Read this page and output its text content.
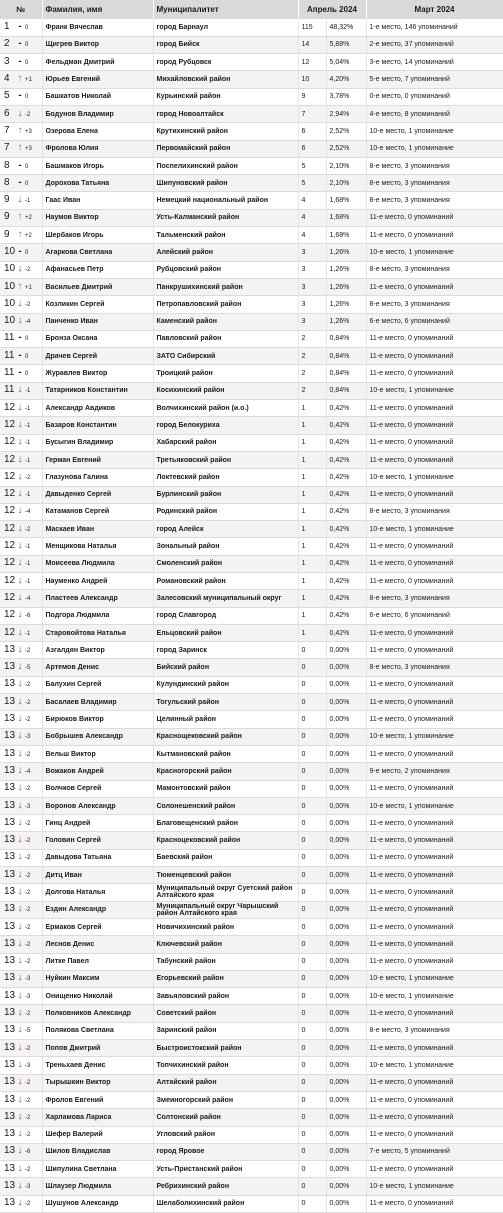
№	Фамилия, имя	Муниципалитет	Апрель 2024		Март 2024
1 - 0	Франк Вячеслав	город Барнаул	115	48,32%	1-е место, 146 упоминаний
2 - 0	Щигрев Виктор	город Бийск	14	5,88%	2-е место, 37 упоминаний
3 - 0	Фельдман Дмитрий	город Рубцовск	12	5,04%	3-е место, 14 упоминаний
4 ↑ +1	Юрьев Евгений	Михайловский район	10	4,20%	5-е место, 7 упоминаний
5 - 0	Башкатов Николай	Курьинский район	9	3,78%	0-е место, 0 упоминаний
6 ↓ -2	Бодунов Владимир	город Новоалтайск	7	2,94%	4-е место, 8 упоминаний
7 ↑ +3	Озерова Елена	Крутихинский район	6	2,52%	10-е место, 1 упоминание
7 ↑ +3	Фролова Юлия	Первомайский район	6	2,52%	10-е место, 1 упоминание
8 - 0	Башмаков Игорь	Поспелихинский район	5	2,10%	8-е место, 3 упоминания
8 - 0	Дорохова Татьяна	Шипуновский район	5	2,10%	8-е место, 3 упоминания
9 ↓ -1	Гаас Иван	Немецкий национальный район	4	1,68%	8-е место, 3 упоминания
9 ↑ +2	Наумов Виктор	Усть-Калманский район	4	1,68%	11-е место, 0 упоминаний
9 ↑ +2	Шербаков Игорь	Тальменский район	4	1,68%	11-е место, 0 упоминаний
10 - 0	Агаркова Светлана	Алейский район	3	1,26%	10-е место, 1 упоминание
10 ↓ -2	Афанасьев Петр	Рубцовский район	3	1,26%	8-е место, 3 упоминания
10 ↑ +1	Васильев Дмитрий	Панкрушихинский район	3	1,26%	11-е место, 0 упоминаний
10 ↓ -2	Козликин Сергей	Петропавловский район	3	1,26%	8-е место, 3 упоминания
10 ↓ -4	Панченко Иван	Каменский район	3	1,26%	6-е место, 6 упоминаний
11 - 0	Бронза Оксана	Павловский район	2	0,84%	11-е место, 0 упоминаний
11 - 0	Драчев Сергей	ЗАТО Сибирский	2	0,84%	11-е место, 0 упоминаний
11 - 0	Журавлев Виктор	Троицкий район	2	0,84%	11-е место, 0 упоминаний
11 ↓ -1	Татарников Константин	Косихинский район	2	0,84%	10-е место, 1 упоминание
12 ↓ -1	Александр Авдиков	Волчихинский район (и.о.)	1	0,42%	11-е место, 0 упоминаний
12 ↓ -1	Базаров Константин	город Белокуриха	1	0,42%	11-е место, 0 упоминаний
12 ↓ -1	Бусыгин Владимир	Хабарский район	1	0,42%	11-е место, 0 упоминаний
12 ↓ -1	Герман Евгений	Третьяковский район	1	0,42%	11-е место, 0 упоминаний
12 ↓ -2	Глазунова Галина	Локтевский район	1	0,42%	10-е место, 1 упоминание
12 ↓ -1	Давыденко Сергей	Бурлинский район	1	0,42%	11-е место, 0 упоминаний
12 ↓ -4	Катаманов Сергей	Родинский район	1	0,42%	8-е место, 3 упоминания
12 ↓ -2	Маскаев Иван	город Алейск	1	0,42%	10-е место, 1 упоминание
12 ↓ -1	Менщикова Наталья	Зональный район	1	0,42%	11-е место, 0 упоминаний
12 ↓ -1	Моисеева Людмила	Смоленский район	1	0,42%	11-е место, 0 упоминаний
12 ↓ -1	Науменко Андрей	Романовский район	1	0,42%	11-е место, 0 упоминаний
12 ↓ -4	Пластеев Александр	Залесовский муниципальный округ	1	0,42%	8-е место, 3 упоминания
12 ↓ -6	Подгора Людмила	город Славгород	1	0,42%	6-е место, 6 упоминаний
12 ↓ -1	Старовойтова Наталья	Ельцовский район	1	0,42%	11-е место, 0 упоминаний
13 ↓ -2	Азгалдян Виктор	город Заринск	0	0,00%	11-е место, 0 упоминаний
13 ↓ -5	Артемов Денис	Бийский район	0	0,00%	8-е место, 3 упоминания
13 ↓ -2	Балухин Сергей	Кулундинский район	0	0,00%	11-е место, 0 упоминаний
13 ↓ -2	Басалаев Владимир	Тогульский район	0	0,00%	11-е место, 0 упоминаний
13 ↓ -2	Бирюков Виктор	Целинный район	0	0,00%	11-е место, 0 упоминаний
13 ↓ -3	Бобрышев Александр	Краснощековский район	0	0,00%	10-е место, 1 упоминание
13 ↓ -2	Вельш Виктор	Кытмановский район	0	0,00%	11-е место, 0 упоминаний
13 ↓ -4	Вожаков Андрей	Красногорский район	0	0,00%	9-е место, 2 упоминания
13 ↓ -2	Волчков Сергей	Мамонтовский район	0	0,00%	11-е место, 0 упоминаний
13 ↓ -3	Воронов Александр	Солонешенский район	0	0,00%	10-е место, 1 упоминание
13 ↓ -2	Гинц Андрей	Благовещенский район	0	0,00%	11-е место, 0 упоминаний
13 ↓ -2	Головин Сергей	Красноцековский район	0	0,00%	11-е место, 0 упоминаний
13 ↓ -2	Давыдова Татьяна	Баевский район	0	0,00%	11-е место, 0 упоминаний
13 ↓ -2	Дитц Иван	Тюменцевский район	0	0,00%	11-е место, 0 упоминаний
13 ↓ -2	Долгова Наталья	Муниципальный округ Суетский район Алтайского края	0	0,00%	11-е место, 0 упоминаний
13 ↓ -2	Ездин Александр	Муниципальный округ Чарышский район Алтайского края	0	0,00%	11-е место, 0 упоминаний
13 ↓ -2	Ермаков Сергей	Новичихинский район	0	0,00%	11-е место, 0 упоминаний
13 ↓ -2	Леснов Денис	Ключевский район	0	0,00%	11-е место, 0 упоминаний
13 ↓ -2	Литке Павел	Табунский район	0	0,00%	11-е место, 0 упоминаний
13 ↓ -3	Нуйкин Максим	Егорьевский район	0	0,00%	10-е место, 1 упоминание
13 ↓ -3	Онищенко Николай	Завьяловский район	0	0,00%	10-е место, 1 упоминание
13 ↓ -2	Полковников Александр	Советский район	0	0,00%	11-е место, 0 упоминаний
13 ↓ -5	Полякова Светлана	Заринский район	0	0,00%	8-е место, 3 упоминания
13 ↓ -2	Попов Дмитрий	Быстроистокский район	0	0,00%	11-е место, 0 упоминаний
13 ↓ -3	Треньхаев Денис	Топчихинский район	0	0,00%	10-е место, 1 упоминание
13 ↓ -2	Тырышкин Виктор	Алтайский район	0	0,00%	11-е место, 0 упоминаний
13 ↓ -2	Фролов Евгений	Змеиногорский район	0	0,00%	11-е место, 0 упоминаний
13 ↓ -2	Харламова Лариса	Солтонский район	0	0,00%	11-е место, 0 упоминаний
13 ↓ -2	Шефер Валерий	Угловский район	0	0,00%	11-е место, 0 упоминаний
13 ↓ -6	Шилов Владислав	город Яровое	0	0,00%	7-е место, 5 упоминаний
13 ↓ -2	Шипулина Светлана	Усть-Пристанский район	0	0,00%	11-е место, 0 упоминаний
13 ↓ -3	Шлаузер Людмила	Ребрихинский район	0	0,00%	10-е место, 1 упоминание
13 ↓ -2	Шушунов Александр	Шелаболихинский район	0	0,00%	11-е место, 0 упоминаний
